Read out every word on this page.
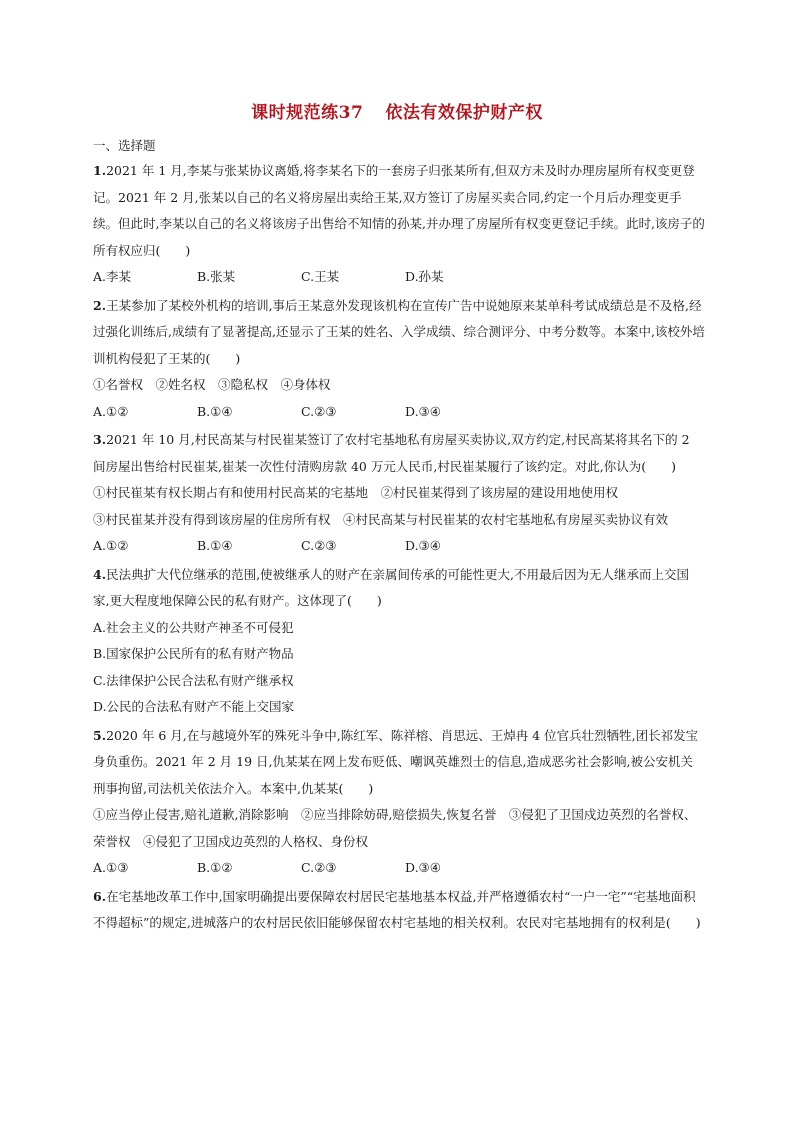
课时规范练37 依法有效保护财产权
一、选择题

1.2021 年 1 月,李某与张某协议离婚,将李某名下的一套房子归张某所有,但双方未及时办理房屋所有权变更登记。2021 年 2 月,张某以自己的名义将房屋出卖给王某,双方签订了房屋买卖合同,约定一个月后办理变更手续。但此时,李某以自己的名义将该房子出售给不知情的孙某,并办理了房屋所有权变更登记手续。此时,该房子的所有权应归(　　)

A.李某	B.张某	C.王某	D.孙某

2.王某参加了某校外机构的培训,事后王某意外发现该机构在宣传广告中说她原来某单科考试成绩总是不及格,经过强化训练后,成绩有了显著提高,还显示了王某的姓名、入学成绩、综合测评分、中考分数等。本案中,该校外培训机构侵犯了王某的(　　)

①名誉权　②姓名权　③隐私权　④身体权

A.①②	B.①④	C.②③	D.③④

3.2021 年 10 月,村民高某与村民崔某签订了农村宅基地私有房屋买卖协议,双方约定,村民高某将其名下的 2 间房屋出售给村民崔某,崔某一次性付清购房款 40 万元人民币,村民崔某履行了该约定。对此,你认为(　　)

①村民崔某有权长期占有和使用村民高某的宅基地　②村民崔某得到了该房屋的建设用地使用权

③村民崔某并没有得到该房屋的住房所有权　④村民高某与村民崔某的农村宅基地私有房屋买卖协议有效

A.①②	B.①④	C.②③	D.③④

4.民法典扩大代位继承的范围,使被继承人的财产在亲属间传承的可能性更大,不用最后因为无人继承而上交国家,更大程度地保障公民的私有财产。这体现了(　　)

A.社会主义的公共财产神圣不可侵犯

B.国家保护公民所有的私有财产物品

C.法律保护公民合法私有财产继承权

D.公民的合法私有财产不能上交国家

5.2020 年 6 月,在与越境外军的殊死斗争中,陈红军、陈祥榕、肖思远、王焯冉 4 位官兵壮烈牺牲,团长祁发宝身负重伤。2021 年 2 月 19 日,仇某某在网上发布贬低、嘲讽英雄烈士的信息,造成恶劣社会影响,被公安机关刑事拘留,司法机关依法介入。本案中,仇某某(　　)

①应当停止侵害,赔礼道歉,消除影响　②应当排除妨碍,赔偿损失,恢复名誉　③侵犯了卫国戍边英烈的名誉权、荣誉权　④侵犯了卫国戍边英烈的人格权、身份权

A.①③	B.①②	C.②③	D.③④

6.在宅基地改革工作中,国家明确提出要保障农村居民宅基地基本权益,并严格遵循农村“一户一宅”“宅基地面积不得超标”的规定,进城落户的农村居民依旧能够保留农村宅基地的相关权利。农民对宅基地拥有的权利是(　　)
